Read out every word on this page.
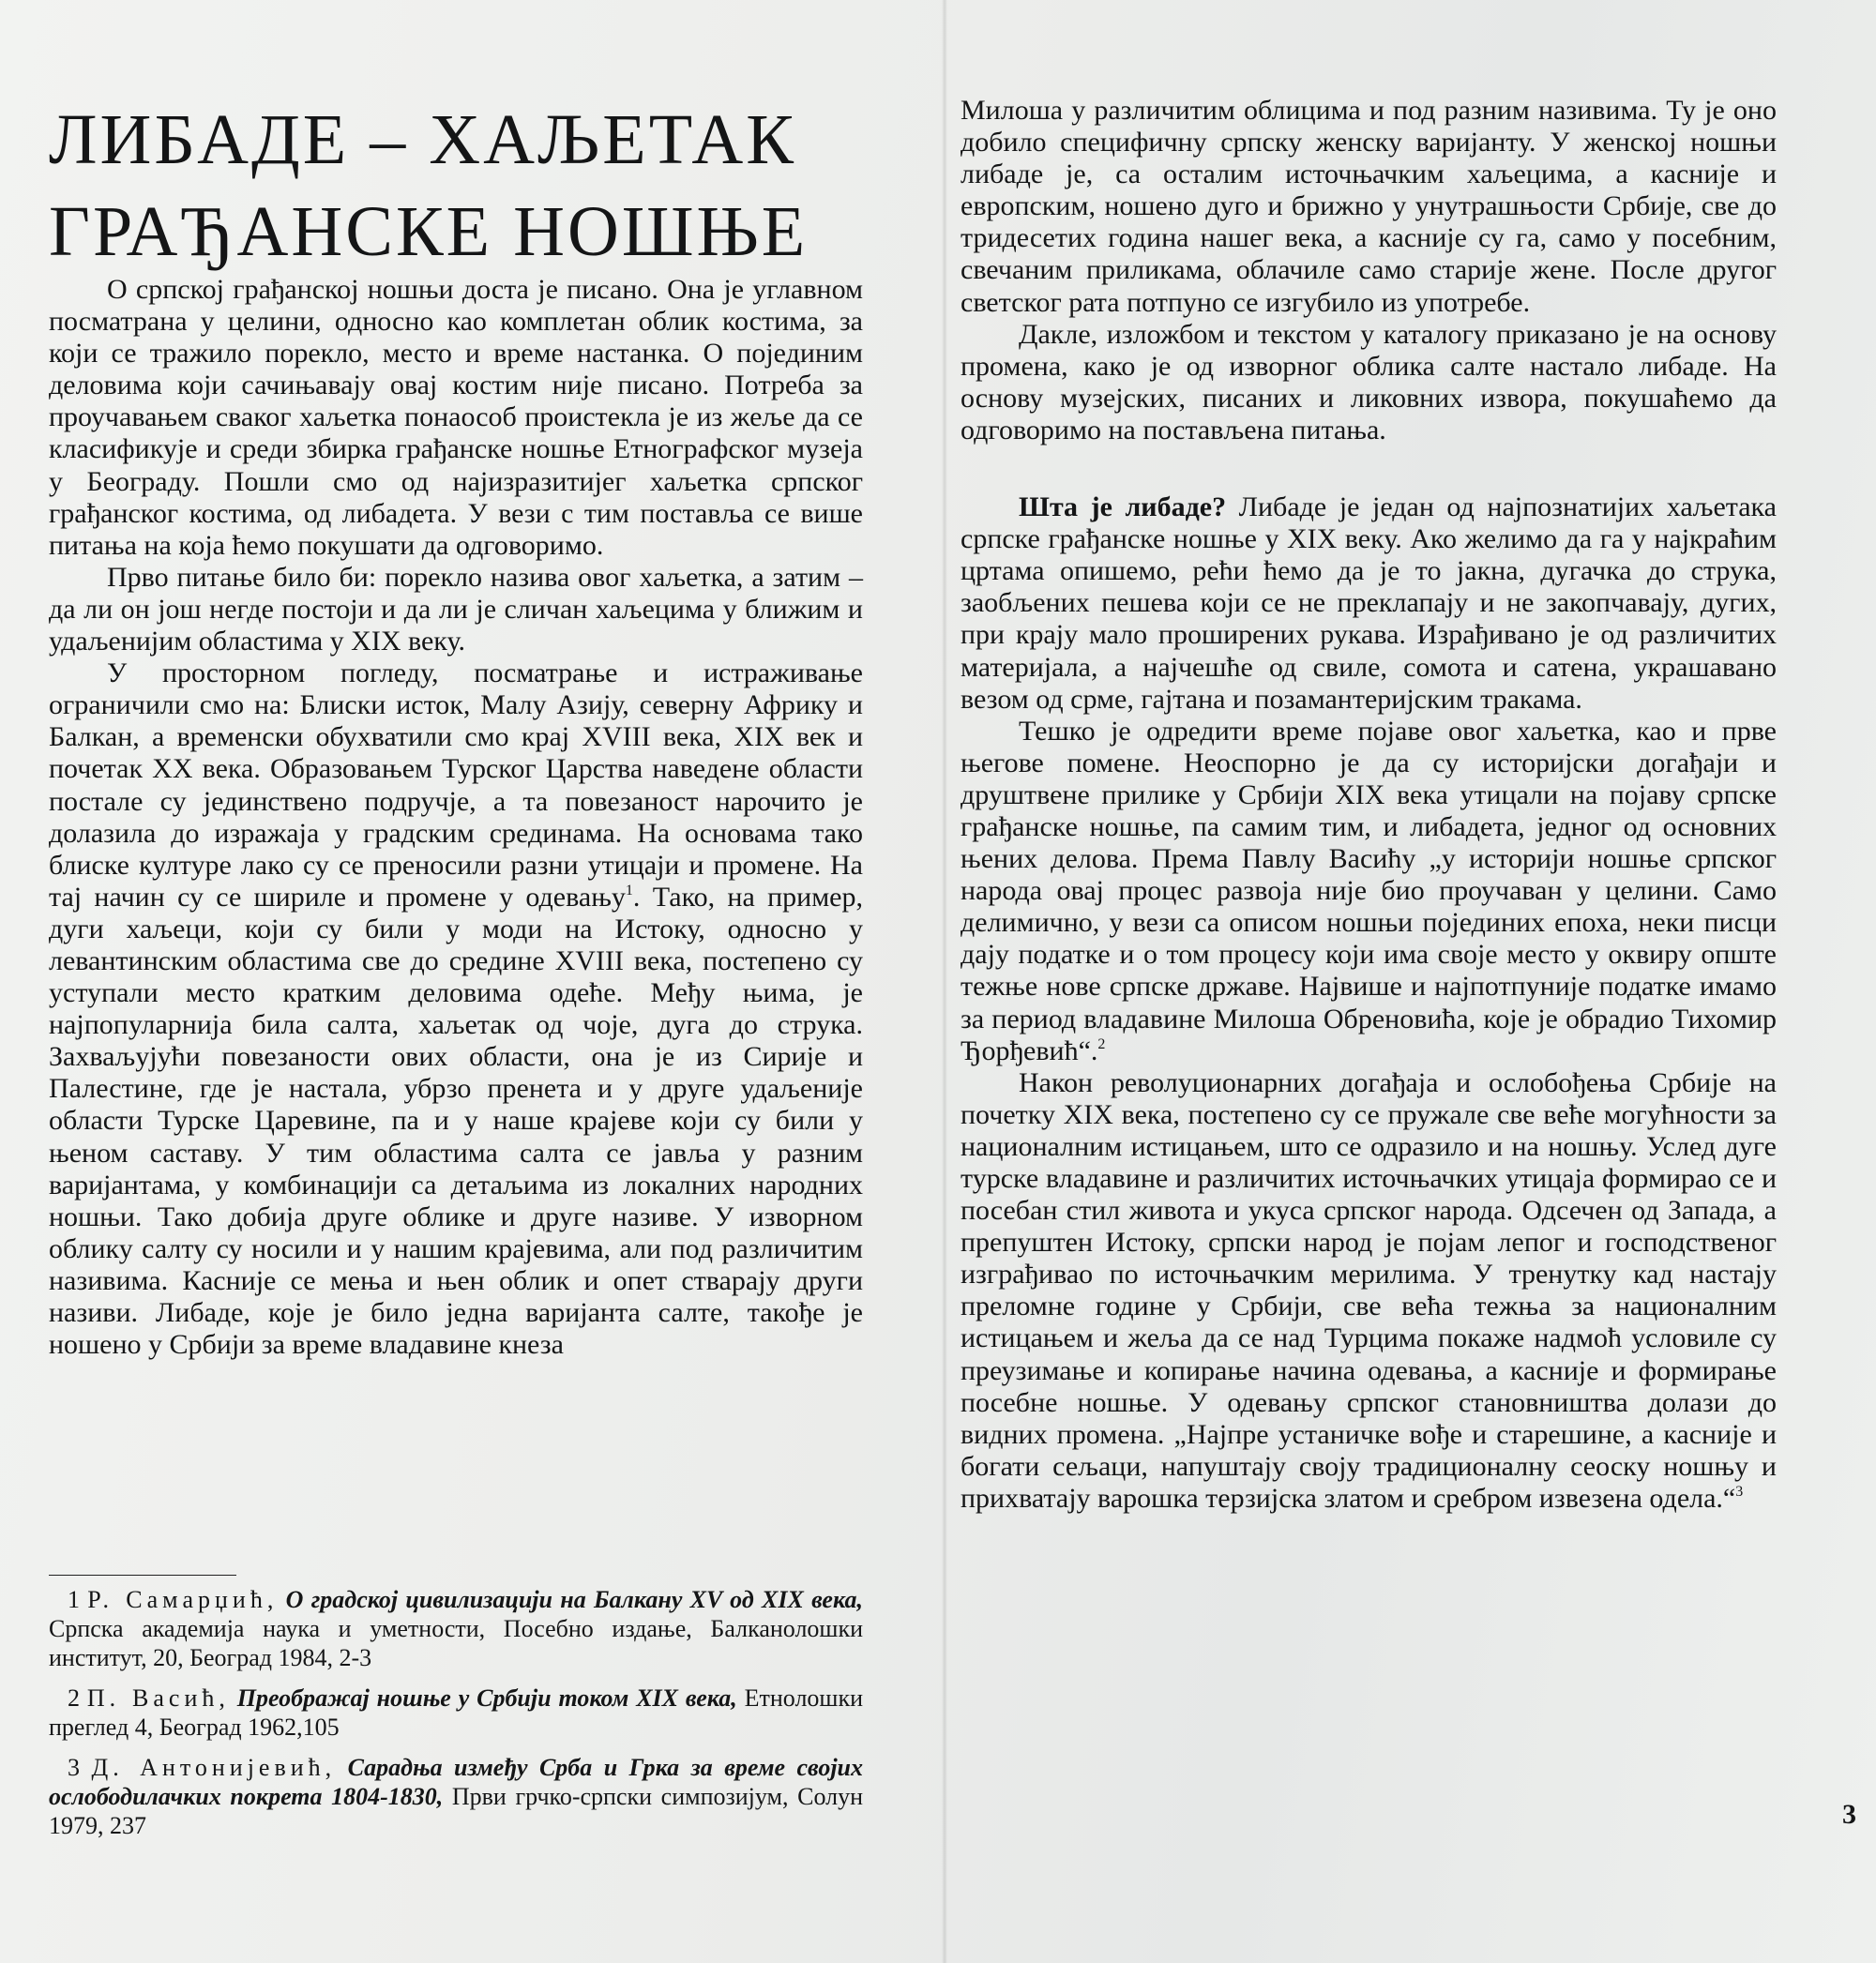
ЛИБАДЕ – ХАЉЕТАК
ГРАЂАНСКЕ НОШЊЕ

О српској грађанској ношњи доста је писано. Она је углавном посматрана у целини, односно као комплетан облик костима, за који се тражило порекло, место и време настанка. О појединим деловима који сачињавају овај костим није писано. Потреба за проучавањем сваког хаљетка понаособ проистекла је из жеље да се класификује и среди збирка грађанске ношње Етнографског музеја у Београду. Пошли смо од најизразитијег хаљетка српског грађанског костима, од либадета. У вези с тим поставља се више питања на која ћемо покушати да одговоримо.

Прво питање било би: порекло назива овог хаљетка, а затим – да ли он још негде постоји и да ли је сличан хаљецима у ближим и удаљенијим областима у XIX веку.

У просторном погледу, посматрање и истраживање ограничили смо на: Блиски исток, Малу Азију, северну Африку и Балкан, а временски обухватили смо крај XVIII века, XIX век и почетак XX века. Образовањем Турског Царства наведене области постале су јединствено подручје, а та повезаност нарочито је долазила до изражаја у градским срединама. На основама тако блиске културе лако су се преносили разни утицаји и промене. На тај начин су се шириле и промене у одевању$^1$. Тако, на пример, дуги хаљеци, који су били у моди на Истоку, односно у левантинским областима све до средине XVIII века, постепено су уступали место кратким деловима одеће. Међу њима, је најпопуларнија била салта, хаљетак од чоје, дуга до струка. Захваљујући повезаности ових области, она је из Сирије и Палестине, где је настала, убрзо пренета и у друге удаљеније области Турске Царевине, па и у наше крајеве који су били у њеном саставу. У тим областима салта се јавља у разним варијантама, у комбинацији са детаљима из локалних народних ношњи. Тако добија друге облике и друге називе. У изворном облику салту су носили и у нашим крајевима, али под различитим називима. Касније се мења и њен облик и опет стварају други називи. Либаде, које је било једна варијанта салте, такође је ношено у Србији за време владавине кнеза

1 Р. Самарџић, О градској цивилизацији на Балкану XV од XIX века, Српска академија наука и уметности, Посебно издање, Балканолошки институт, 20, Београд 1984, 2-3

2 П. Васић, Преображај ношње у Србији током XIX века, Етнолошки преглед 4, Београд 1962,105

3 Д. Антонијевић, Сарадња између Срба и Грка за време својих ослободилачких покрета 1804-1830, Први грчко-српски симпозијум, Солун 1979, 237

Милоша у различитим облицима и под разним називима. Ту је оно добило специфичну српску женску варијанту. У женској ношњи либаде је, са осталим источњачким хаљецима, а касније и европским, ношено дуго и брижно у унутрашњости Србије, све до тридесетих година нашег века, а касније су га, само у посебним, свечаним приликама, облачиле само старије жене. После другог светског рата потпуно се изгубило из употребе.

Дакле, изложбом и текстом у каталогу приказано је на основу промена, како је од изворног облика салте настало либаде. На основу музејских, писаних и ликовних извора, покушаћемо да одговоримо на постављена питања.

Шта је либаде? Либаде је један од најпознатијих хаљетака српске грађанске ношње у XIX веку. Ако желимо да га у најкраћим цртама опишемо, рећи ћемо да је то јакна, дугачка до струка, заобљених пешева који се не преклапају и не закопчавају, дугих, при крају мало проширених рукава. Израђивано је од различитих материјала, а најчешће од свиле, сомота и сатена, украшавано везом од срме, гајтана и позамантеријским тракама.

Тешко је одредити време појаве овог хаљетка, као и прве његове помене. Неоспорно је да су историјски догађаји и друштвене прилике у Србији XIX века утицали на појаву српске грађанске ношње, па самим тим, и либадета, једног од основних њених делова. Према Павлу Васићу „у историји ношње српског народа овај процес развоја није био проучаван у целини. Само делимично, у вези са описом ношњи појединих епоха, неки писци дају податке и о том процесу који има своје место у оквиру опште тежње нове српске државе. Највише и најпотпуније податке имамо за период владавине Милоша Обреновића, које је обрадио Тихомир Ђорђевић“.$^2$

Након револуционарних догађаја и ослобођења Србије на почетку XIX века, постепено су се пружале све веће могућности за националним истицањем, што се одразило и на ношњу. Услед дуге турске владавине и различитих источњачких утицаја формирао се и посебан стил живота и укуса српског народа. Одсечен од Запада, а препуштен Истоку, српски народ је појам лепог и господственог изграђивао по источњачким мерилима. У тренутку кад настају преломне године у Србији, све већа тежња за националним истицањем и жеља да се над Турцима покаже надмоћ условиле су преузимање и копирање начина одевања, а касније и формирање посебне ношње. У одевању српског становништва долази до видних промена. „Најпре устаничке вође и старешине, а касније и богати сељаци, напуштају своју традиционалну сеоску ношњу и прихватају варошка терзијска златом и сребром извезена одела.“$^3$

3
